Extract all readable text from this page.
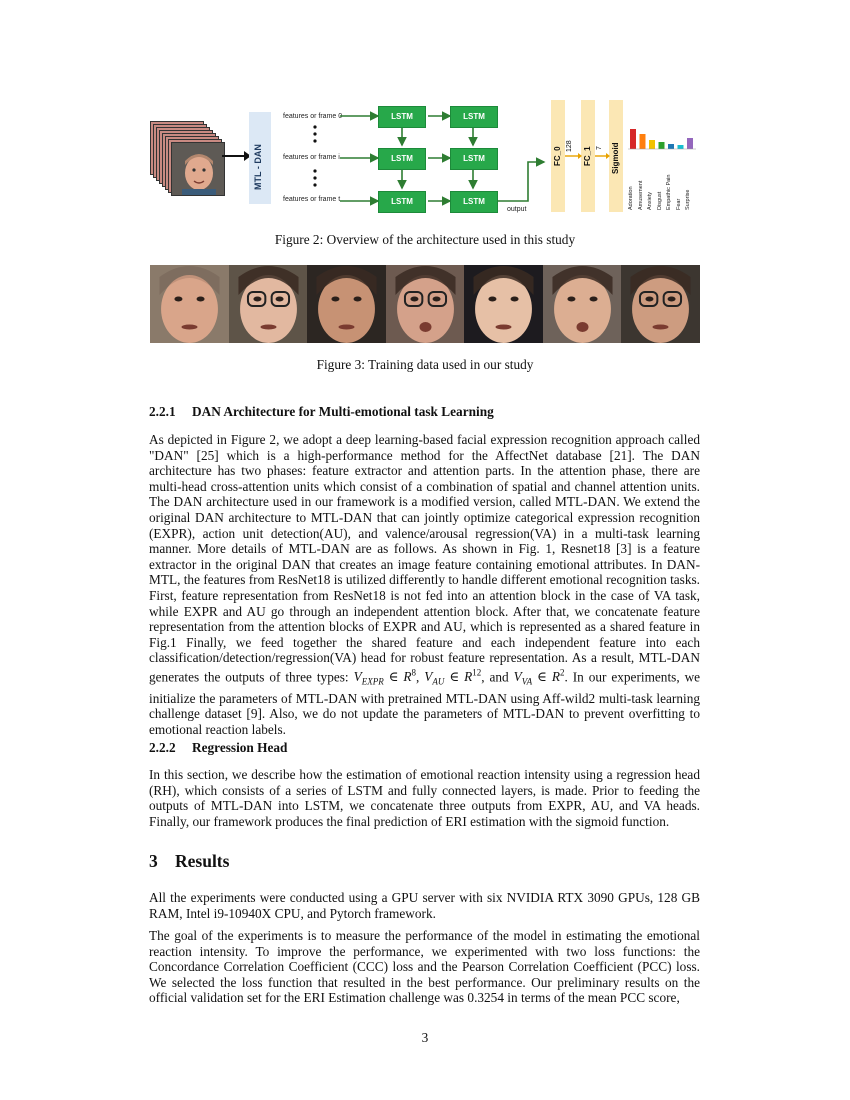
MTL - DAN
features or frame 0
features or frame i
features or frame t
LSTM	LSTM
LSTM	LSTM
LSTM	LSTM
output
FC_0
128
FC_1 7 Sigmoid
Adoration Amusement Anxiety Disgust Empathic Pain Fear Surprise
Figure 2: Overview of the architecture used in this study
Figure 3: Training data used in our study
2.2.1 DAN Architecture for Multi-emotional task Learning

As depicted in Figure 2, we adopt a deep learning-based facial expression recognition approach called "DAN" [25] which is a high-performance method for the AffectNet database [21]. The DAN architecture has two phases: feature extractor and attention parts. In the attention phase, there are multi-head cross-attention units which consist of a combination of spatial and channel attention units. The DAN architecture used in our framework is a modified version, called MTL-DAN. We extend the original DAN architecture to MTL-DAN that can jointly optimize categorical expression recognition (EXPR), action unit detection(AU), and valence/arousal regression(VA) in a multi-task learning manner. More details of MTL-DAN are as follows. As shown in Fig. 1, Resnet18 [3] is a feature extractor in the original DAN that creates an image feature containing emotional attributes. In DAN-MTL, the features from ResNet18 is utilized differently to handle different emotional recognition tasks. First, feature representation from ResNet18 is not fed into an attention block in the case of VA task, while EXPR and AU go through an independent attention block. After that, we concatenate feature representation from the attention blocks of EXPR and AU, which is represented as a shared feature in Fig.1 Finally, we feed together the shared feature and each independent feature into each classification/detection/regression(VA) head for robust feature representation. As a result, MTL-DAN generates the outputs of three types: $V_{EXPR}$ ∈ $R^8$, $V_{AU}$ ∈ $R^{12}$, and $V_{VA}$ ∈ $R^2$. In our experiments, we initialize the parameters of MTL-DAN with pretrained MTL-DAN using Aff-wild2 multi-task learning challenge dataset [9]. Also, we do not update the parameters of MTL-DAN to prevent overfitting to emotional reaction labels.

2.2.2 Regression Head

In this section, we describe how the estimation of emotional reaction intensity using a regression head (RH), which consists of a series of LSTM and fully connected layers, is made. Prior to feeding the outputs of MTL-DAN into LSTM, we concatenate three outputs from EXPR, AU, and VA heads. Finally, our framework produces the final prediction of ERI estimation with the sigmoid function.

3 Results

All the experiments were conducted using a GPU server with six NVIDIA RTX 3090 GPUs, 128 GB RAM, Intel i9-10940X CPU, and Pytorch framework.

The goal of the experiments is to measure the performance of the model in estimating the emotional reaction intensity. To improve the performance, we experimented with two loss functions: the Concordance Correlation Coefficient (CCC) loss and the Pearson Correlation Coefficient (PCC) loss. We selected the loss function that resulted in the best performance. Our preliminary results on the official validation set for the ERI Estimation challenge was 0.3254 in terms of the mean PCC score,

3
